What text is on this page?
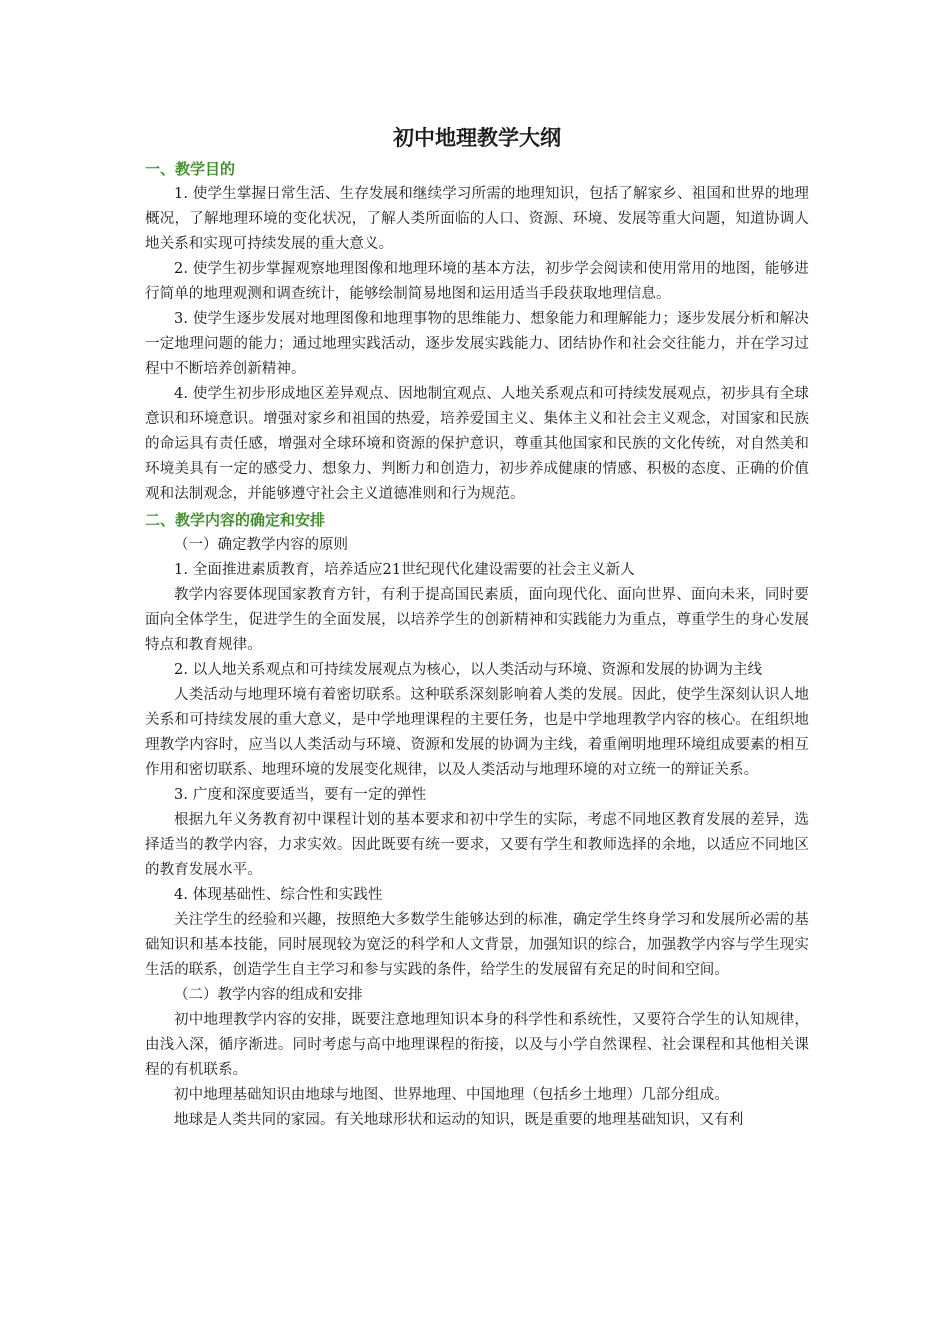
初中地理教学大纲
一、教学目的

1. 使学生掌握日常生活、生存发展和继续学习所需的地理知识，包括了解家乡、祖国和世界的地理概况，了解地理环境的变化状况，了解人类所面临的人口、资源、环境、发展等重大问题，知道协调人地关系和实现可持续发展的重大意义。

2. 使学生初步掌握观察地理图像和地理环境的基本方法，初步学会阅读和使用常用的地图，能够进行简单的地理观测和调查统计，能够绘制简易地图和运用适当手段获取地理信息。

3. 使学生逐步发展对地理图像和地理事物的思维能力、想象能力和理解能力；逐步发展分析和解决一定地理问题的能力；通过地理实践活动，逐步发展实践能力、团结协作和社会交往能力，并在学习过程中不断培养创新精神。

4. 使学生初步形成地区差异观点、因地制宜观点、人地关系观点和可持续发展观点，初步具有全球意识和环境意识。增强对家乡和祖国的热爱，培养爱国主义、集体主义和社会主义观念，对国家和民族的命运具有责任感，增强对全球环境和资源的保护意识，尊重其他国家和民族的文化传统，对自然美和环境美具有一定的感受力、想象力、判断力和创造力，初步养成健康的情感、积极的态度、正确的价值观和法制观念，并能够遵守社会主义道德准则和行为规范。

二、教学内容的确定和安排

（一）确定教学内容的原则

1. 全面推进素质教育，培养适应21世纪现代化建设需要的社会主义新人

教学内容要体现国家教育方针，有利于提高国民素质，面向现代化、面向世界、面向未来，同时要面向全体学生，促进学生的全面发展，以培养学生的创新精神和实践能力为重点，尊重学生的身心发展特点和教育规律。

2. 以人地关系观点和可持续发展观点为核心，以人类活动与环境、资源和发展的协调为主线

人类活动与地理环境有着密切联系。这种联系深刻影响着人类的发展。因此，使学生深刻认识人地关系和可持续发展的重大意义，是中学地理课程的主要任务，也是中学地理教学内容的核心。在组织地理教学内容时，应当以人类活动与环境、资源和发展的协调为主线，着重阐明地理环境组成要素的相互作用和密切联系、地理环境的发展变化规律，以及人类活动与地理环境的对立统一的辩证关系。

3. 广度和深度要适当，要有一定的弹性

根据九年义务教育初中课程计划的基本要求和初中学生的实际，考虑不同地区教育发展的差异，选择适当的教学内容，力求实效。因此既要有统一要求，又要有学生和教师选择的余地，以适应不同地区的教育发展水平。

4. 体现基础性、综合性和实践性

关注学生的经验和兴趣，按照绝大多数学生能够达到的标准，确定学生终身学习和发展所必需的基础知识和基本技能，同时展现较为宽泛的科学和人文背景，加强知识的综合，加强教学内容与学生现实生活的联系，创造学生自主学习和参与实践的条件，给学生的发展留有充足的时间和空间。

（二）教学内容的组成和安排

初中地理教学内容的安排，既要注意地理知识本身的科学性和系统性，又要符合学生的认知规律，由浅入深，循序渐进。同时考虑与高中地理课程的衔接，以及与小学自然课程、社会课程和其他相关课程的有机联系。

初中地理基础知识由地球与地图、世界地理、中国地理（包括乡土地理）几部分组成。

地球是人类共同的家园。有关地球形状和运动的知识，既是重要的地理基础知识，又有利
